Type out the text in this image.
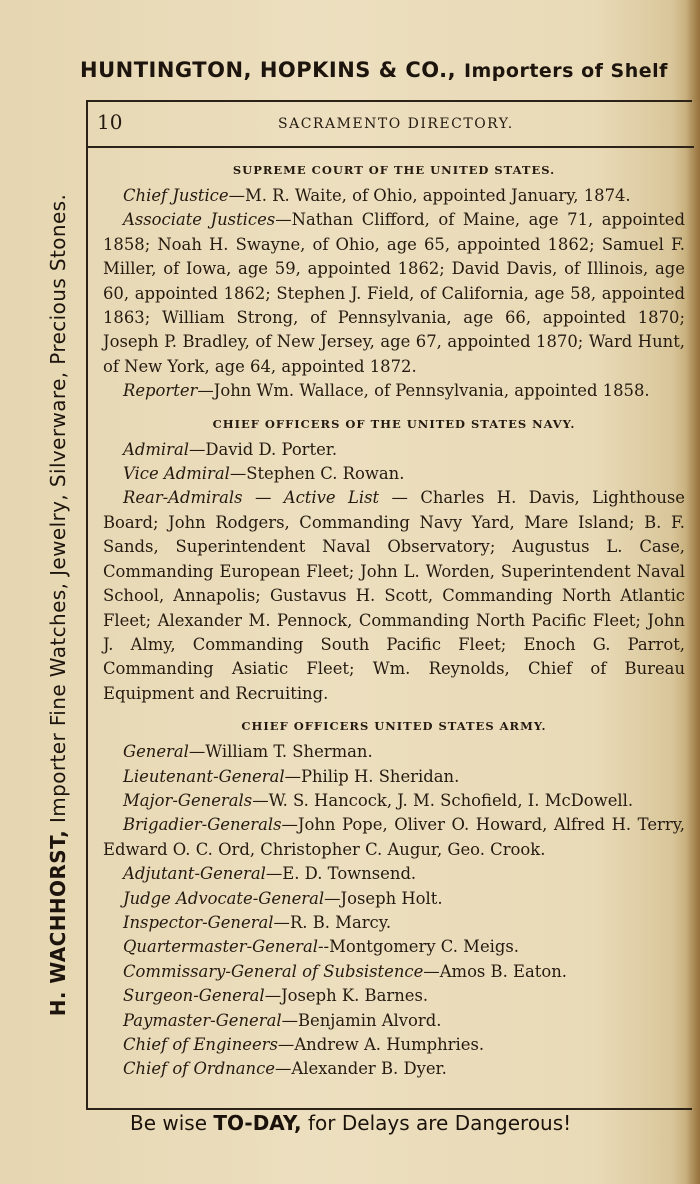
HUNTINGTON, HOPKINS & CO., Importers of Shelf
H. WACHHORST, Importer Fine Watches, Jewelry, Silverware, Precious Stones.
10	SACRAMENTO DIRECTORY.
SUPREME COURT OF THE UNITED STATES.

Chief Justice—M. R. Waite, of Ohio, appointed January, 1874.

Associate Justices—Nathan Clifford, of Maine, age 71, appointed 1858; Noah H. Swayne, of Ohio, age 65, appointed 1862; Samuel F. Miller, of Iowa, age 59, appointed 1862; David Davis, of Illinois, age 60, appointed 1862; Stephen J. Field, of California, age 58, appointed 1863; William Strong, of Pennsylvania, age 66, appointed 1870; Joseph P. Bradley, of New Jersey, age 67, appointed 1870; Ward Hunt, of New York, age 64, appointed 1872.

Reporter—John Wm. Wallace, of Pennsylvania, appointed 1858.

CHIEF OFFICERS OF THE UNITED STATES NAVY.

Admiral—David D. Porter.

Vice Admiral—Stephen C. Rowan.

Rear-Admirals — Active List — Charles H. Davis, Lighthouse Board; John Rodgers, Commanding Navy Yard, Mare Island; B. F. Sands, Superintendent Naval Observatory; Augustus L. Case, Commanding European Fleet; John L. Worden, Superintendent Naval School, Annapolis; Gustavus H. Scott, Commanding North Atlantic Fleet; Alexander M. Pennock, Commanding North Pacific Fleet; John J. Almy, Commanding South Pacific Fleet; Enoch G. Parrot, Commanding Asiatic Fleet; Wm. Reynolds, Chief of Bureau Equipment and Recruiting.

CHIEF OFFICERS UNITED STATES ARMY.

General—William T. Sherman.

Lieutenant-General—Philip H. Sheridan.

Major-Generals—W. S. Hancock, J. M. Schofield, I. McDowell.

Brigadier-Generals—John Pope, Oliver O. Howard, Alfred H. Terry, Edward O. C. Ord, Christopher C. Augur, Geo. Crook.

Adjutant-General—E. D. Townsend.

Judge Advocate-General—Joseph Holt.

Inspector-General—R. B. Marcy.

Quartermaster-General--Montgomery C. Meigs.

Commissary-General of Subsistence—Amos B. Eaton.

Surgeon-General—Joseph K. Barnes.

Paymaster-General—Benjamin Alvord.

Chief of Engineers—Andrew A. Humphries.

Chief of Ordnance—Alexander B. Dyer.

Be wise TO-DAY, for Delays are Dangerous!
